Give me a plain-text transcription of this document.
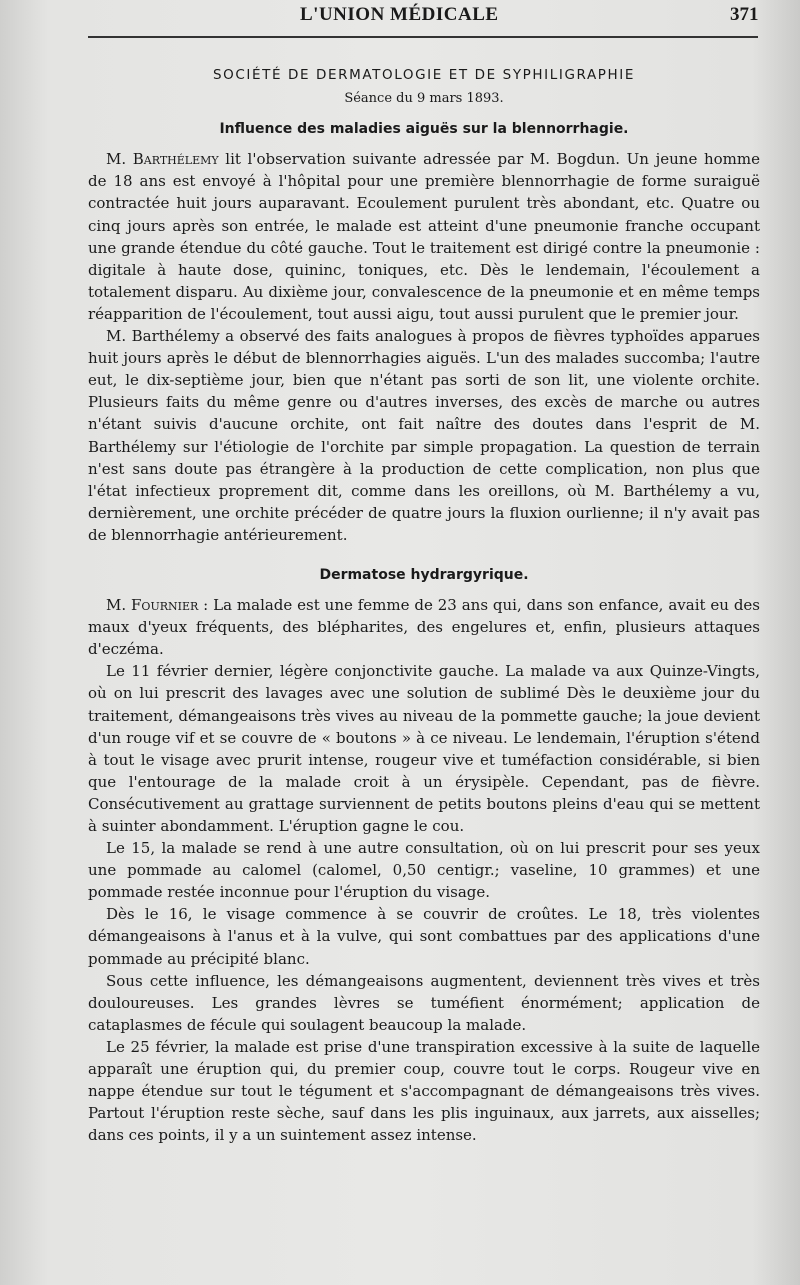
L'UNION MÉDICALE	371
SOCIÉTÉ DE DERMATOLOGIE ET DE SYPHILIGRAPHIE
Séance du 9 mars 1893.
Influence des maladies aiguës sur la blennorrhagie.

M. Barthélemy lit l'observation suivante adressée par M. Bogdun. Un jeune homme de 18 ans est envoyé à l'hôpital pour une première blennorrhagie de forme suraiguë contractée huit jours auparavant. Ecoulement purulent très abondant, etc. Quatre ou cinq jours après son entrée, le malade est atteint d'une pneumonie franche occupant une grande étendue du côté gauche. Tout le traitement est dirigé contre la pneumonie : digitale à haute dose, quininc, toniques, etc. Dès le lendemain, l'écoulement a totalement disparu. Au dixième jour, convalescence de la pneumonie et en même temps réapparition de l'écoulement, tout aussi aigu, tout aussi purulent que le premier jour.

M. Barthélemy a observé des faits analogues à propos de fièvres typhoïdes apparues huit jours après le début de blennorrhagies aiguës. L'un des malades succomba; l'autre eut, le dix-septième jour, bien que n'étant pas sorti de son lit, une violente orchite. Plusieurs faits du même genre ou d'autres inverses, des excès de marche ou autres n'étant suivis d'aucune orchite, ont fait naître des doutes dans l'esprit de M. Barthélemy sur l'étiologie de l'orchite par simple propagation. La question de terrain n'est sans doute pas étrangère à la production de cette complication, non plus que l'état infectieux proprement dit, comme dans les oreillons, où M. Barthélemy a vu, dernièrement, une orchite précéder de quatre jours la fluxion ourlienne; il n'y avait pas de blennorrhagie antérieurement.

Dermatose hydrargyrique.

M. Fournier : La malade est une femme de 23 ans qui, dans son enfance, avait eu des maux d'yeux fréquents, des blépharites, des engelures et, enfin, plusieurs attaques d'eczéma.

Le 11 février dernier, légère conjonctivite gauche. La malade va aux Quinze-Vingts, où on lui prescrit des lavages avec une solution de sublimé Dès le deuxième jour du traitement, démangeaisons très vives au niveau de la pommette gauche; la joue devient d'un rouge vif et se couvre de « boutons » à ce niveau. Le lendemain, l'éruption s'étend à tout le visage avec prurit intense, rougeur vive et tuméfaction considérable, si bien que l'entourage de la malade croit à un érysipèle. Cependant, pas de fièvre. Consécutivement au grattage surviennent de petits boutons pleins d'eau qui se mettent à suinter abondamment. L'éruption gagne le cou.

Le 15, la malade se rend à une autre consultation, où on lui prescrit pour ses yeux une pommade au calomel (calomel, 0,50 centigr.; vaseline, 10 grammes) et une pommade restée inconnue pour l'éruption du visage.

Dès le 16, le visage commence à se couvrir de croûtes. Le 18, très violentes démangeaisons à l'anus et à la vulve, qui sont combattues par des applications d'une pommade au précipité blanc.

Sous cette influence, les démangeaisons augmentent, deviennent très vives et très douloureuses. Les grandes lèvres se tuméfient énormément; application de cataplasmes de fécule qui soulagent beaucoup la malade.

Le 25 février, la malade est prise d'une transpiration excessive à la suite de laquelle apparaît une éruption qui, du premier coup, couvre tout le corps. Rougeur vive en nappe étendue sur tout le tégument et s'accompagnant de démangeaisons très vives. Partout l'éruption reste sèche, sauf dans les plis inguinaux, aux jarrets, aux aisselles; dans ces points, il y a un suintement assez intense.
